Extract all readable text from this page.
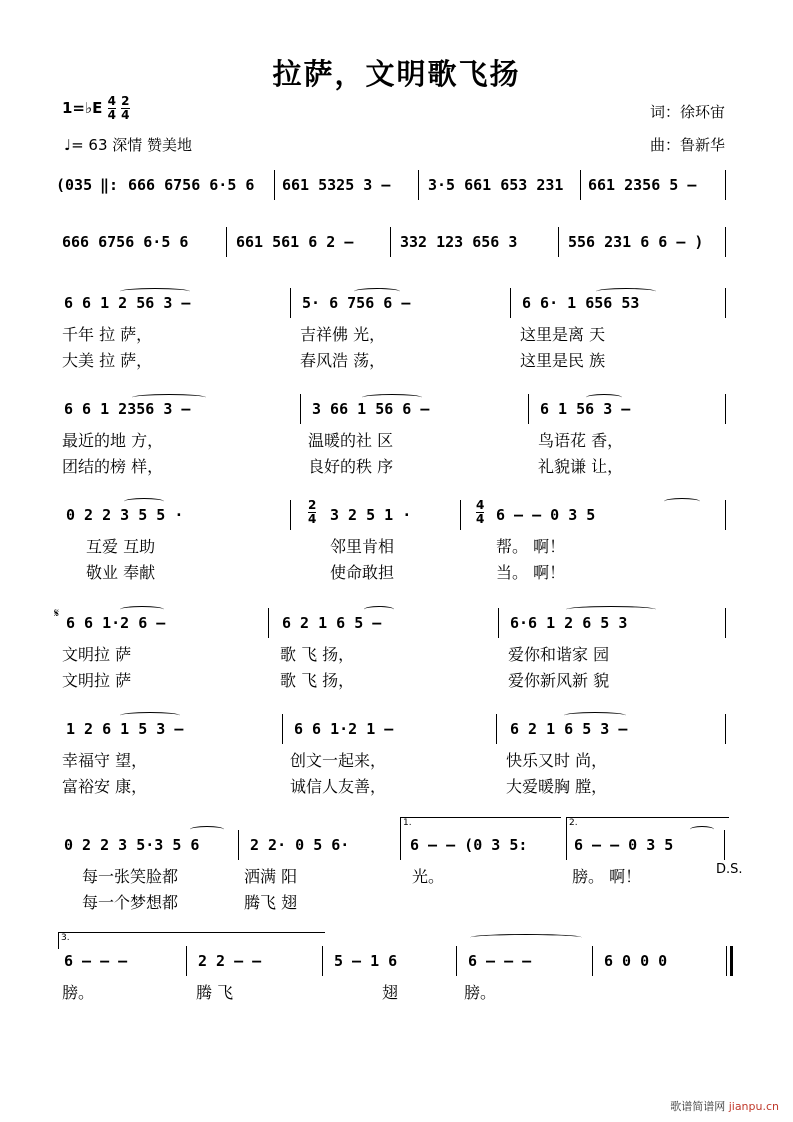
拉萨，文明歌飞扬
1=♭E $\frac{4}{4}$
$\frac{2}{4}$
♩= 63 深情 赞美地
词：徐环宙
曲：鲁新华
(035 ‖: 666 6756 6·5 6 661 5325 3 –	3·5 661 653 231 661 2356 5 –
666 6756 6·5 6	661 561 6 2 –	332 123 656 3	556 231 6 6 – )
6 6 1 2 56 3 –	5· 6 756 6 –	6 6· 1 656 53
千年 拉 萨，	吉祥佛 光，	这里是离 天
大美 拉 萨，	春风浩 荡，	这里是民 族
6 6 1 2356 3 –	3 66 1 56 6 –	6 1 56 3 –
最近的地 方，	温暖的社 区	鸟语花 香，
团结的榜 样，	良好的秩 序	礼貌谦 让，
2
4
4
4
0 2 2 3 5 5 ·	3 2 5 1 ·	6 – – 0 3 5
互爱 互助	邻里肯相	帮。 啊！
敬业 奉献	使命敢担	当。 啊！
𝄋
6 6 1·2 6 –	6 2 1 6 5 –	6·6 1 2 6 5 3
文明拉 萨	歌 飞 扬，	爱你和谐家 园
文明拉 萨	歌 飞 扬，	爱你新风新 貌
1 2 6 1 5 3 –	6 6 1·2 1 –	6 2 1 6 5 3 –
幸福守 望，	创文一起来，	快乐又时 尚，
富裕安 康，	诚信人友善，	大爱暖胸 膛，
1.	2.
0 2 2 3 5·3 5 6	2 2· 0 5 6·	6 – – (0 3 5:	6 – – 0 3 5
D.S.
每一张笑脸都	洒满 阳	光。	膀。 啊！
每一个梦想都	腾飞 翅
3.
6 – – –	2 2 – –	5 – 1 6	6 – – –	6 0 0 0
膀。	腾 飞	翅	膀。
歌谱简谱网 jianpu.cn
